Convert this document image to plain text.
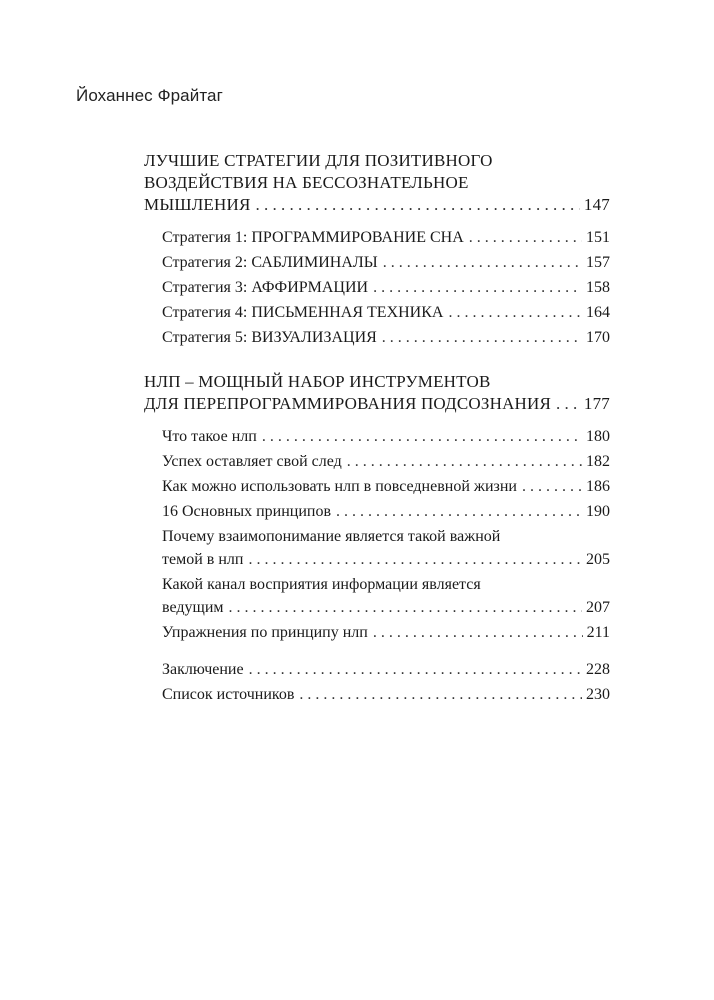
Йоханнес Фрайтаг
ЛУЧШИЕ СТРАТЕГИИ ДЛЯ ПОЗИТИВНОГО
ВОЗДЕЙСТВИЯ НА БЕССОЗНАТЕЛЬНОЕ
МЫШЛЕНИЯ . . .	147
Стратегия 1: ПРОГРАММИРОВАНИЕ СНА . . .	151
Стратегия 2: САБЛИМИНАЛЫ . . .	157
Стратегия 3: АФФИРМАЦИИ . . .	158
Стратегия 4: ПИСЬМЕННАЯ ТЕХНИКА . . .	164
Стратегия 5: ВИЗУАЛИЗАЦИЯ . . .	170
НЛП – МОЩНЫЙ НАБОР ИНСТРУМЕНТОВ
ДЛЯ ПЕРЕПРОГРАММИРОВАНИЯ ПОДСОЗНАНИЯ . . . 177
Что такое нлп . . .	180
Успех оставляет свой след . . .	182
Как можно использовать нлп в повседневной жизни . . .	186
16 Основных принципов . . .	190
Почему взаимопонимание является такой важной
темой в нлп . . .	205
Какой канал восприятия информации является
ведущим . . .	207
Упражнения по принципу нлп . . .	211
Заключение . . .	228
Список источников . . .	230
